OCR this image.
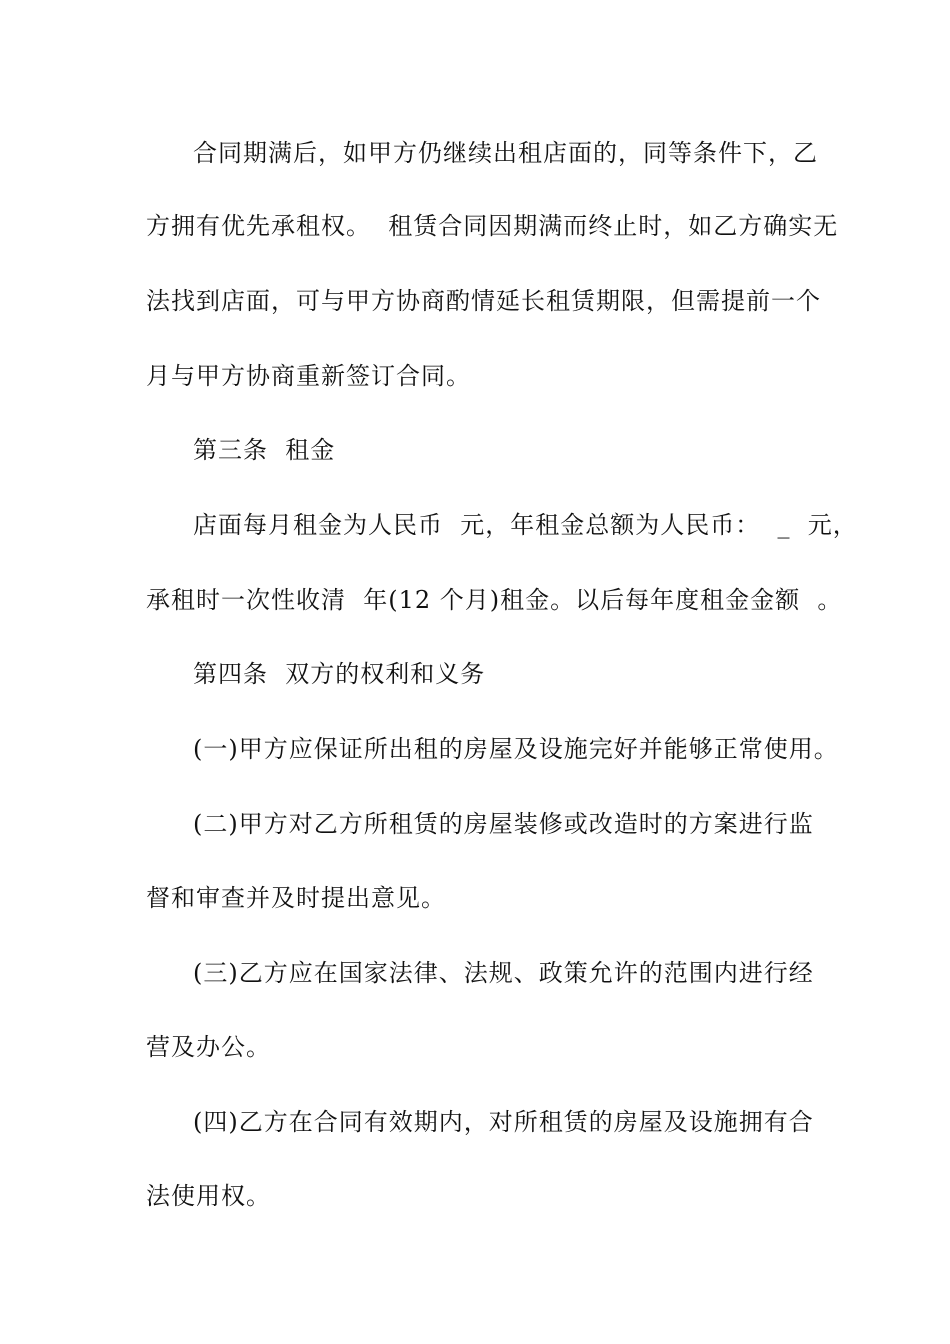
合同期满后，如甲方仍继续出租店面的，同等条件下，乙
方拥有优先承租权。  租赁合同因期满而终止时，如乙方确实无
法找到店面，可与甲方协商酌情延长租赁期限，但需提前一个
月与甲方协商重新签订合同。
第三条  租金
店面每月租金为人民币  元，年租金总额为人民币：  _  元，
承租时一次性收清  年(12 个月)租金。以后每年度租金金额  。
第四条  双方的权利和义务
(一)甲方应保证所出租的房屋及设施完好并能够正常使用。
(二)甲方对乙方所租赁的房屋装修或改造时的方案进行监
督和审查并及时提出意见。
(三)乙方应在国家法律、法规、政策允许的范围内进行经
营及办公。
(四)乙方在合同有效期内，对所租赁的房屋及设施拥有合
法使用权。
